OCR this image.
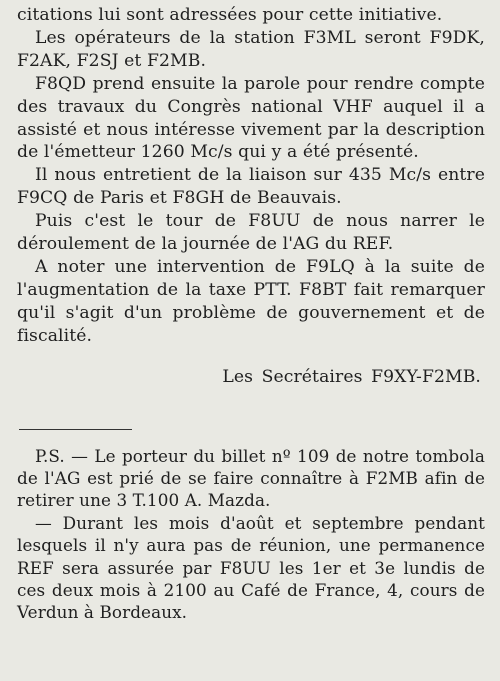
citations lui sont adressées pour cette initiative.

Les opérateurs de la station F3ML seront F9DK, F2AK, F2SJ et F2MB.

F8QD prend ensuite la parole pour rendre compte des travaux du Congrès national VHF auquel il a assisté et nous intéresse vivement par la description de l'émetteur 1260 Mc/s qui y a été présenté.

Il nous entretient de la liaison sur 435 Mc/s entre F9CQ de Paris et F8GH de Beauvais.

Puis c'est le tour de F8UU de nous narrer le déroulement de la journée de l'AG du REF.

A noter une intervention de F9LQ à la suite de l'augmentation de la taxe PTT. F8BT fait remarquer qu'il s'agit d'un problème de gouvernement et de fiscalité.

Les Secrétaires F9XY-F2MB.

P.S. — Le porteur du billet nº 109 de notre tombola de l'AG est prié de se faire connaître à F2MB afin de retirer une 3 T.100 A. Mazda.

— Durant les mois d'août et septembre pendant lesquels il n'y aura pas de réunion, une permanence REF sera assurée par F8UU les 1er et 3e lundis de ces deux mois à 2100 au Café de France, 4, cours de Verdun à Bordeaux.
